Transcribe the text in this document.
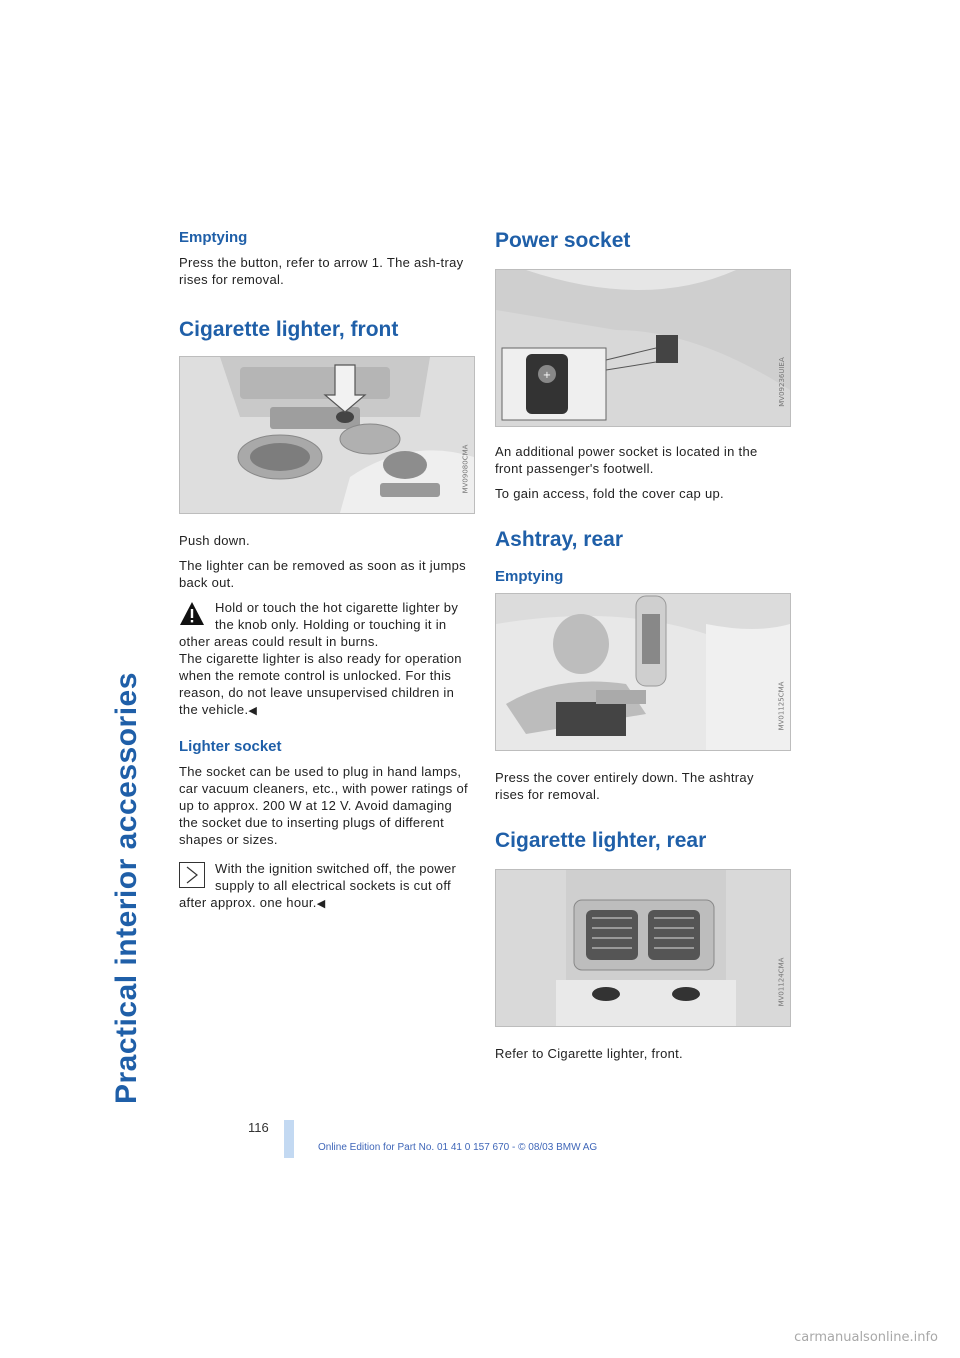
Practical interior accessories
Emptying

Press the button, refer to arrow 1. The ash-tray rises for removal.

Cigarette lighter, front
MV09080CMA

Push down.

The lighter can be removed as soon as it jumps back out.

Hold or touch the hot cigarette lighter by the knob only. Holding or touching it in other areas could result in burns.

The cigarette lighter is also ready for operation when the remote control is unlocked. For this reason, do not leave unsupervised children in the vehicle.◀

Lighter socket

The socket can be used to plug in hand lamps, car vacuum cleaners, etc., with power ratings of up to approx. 200 W at 12 V. Avoid damaging the socket due to inserting plugs of different shapes or sizes.

With the ignition switched off, the power supply to all electrical sockets is cut off after approx. one hour.◀

Power socket
+	MV09236UIEA

An additional power socket is located in the front passenger's footwell.

To gain access, fold the cover cap up.

Ashtray, rear
Emptying
MV01125CMA

Press the cover entirely down. The ashtray rises for removal.

Cigarette lighter, rear
MV01124CMA

Refer to Cigarette lighter, front.

116
Online Edition for Part No. 01 41 0 157 670 - © 08/03 BMW AG
carmanualsonline.info
